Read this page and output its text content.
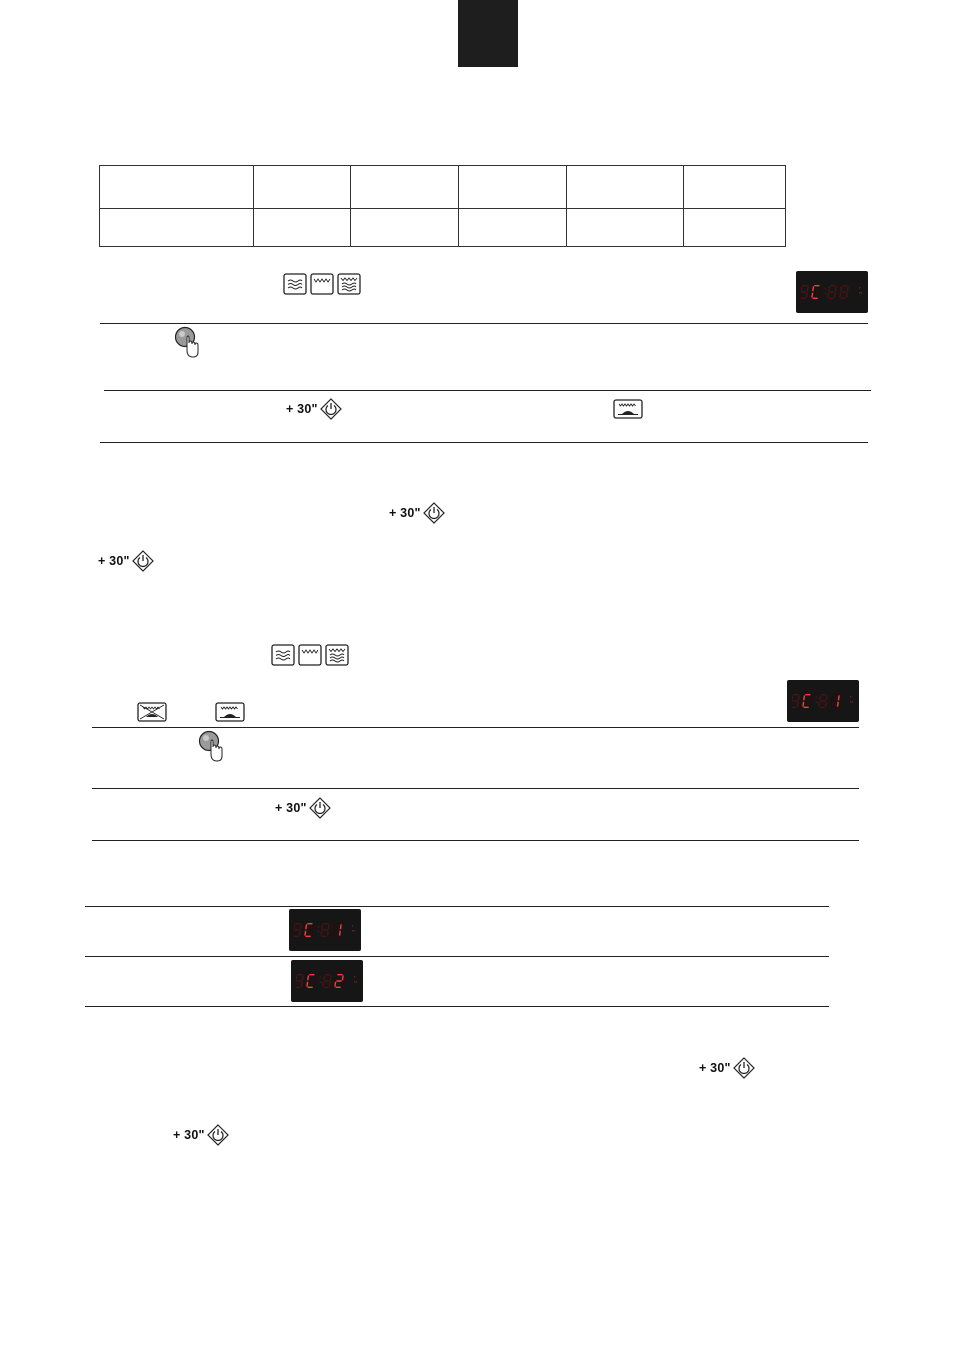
▪
▪▪
+ 30"
+ 30"
+ 30"
▪
▪▪
+ 30"
▪
▪▪
▪
▪▪
+ 30"
+ 30"
